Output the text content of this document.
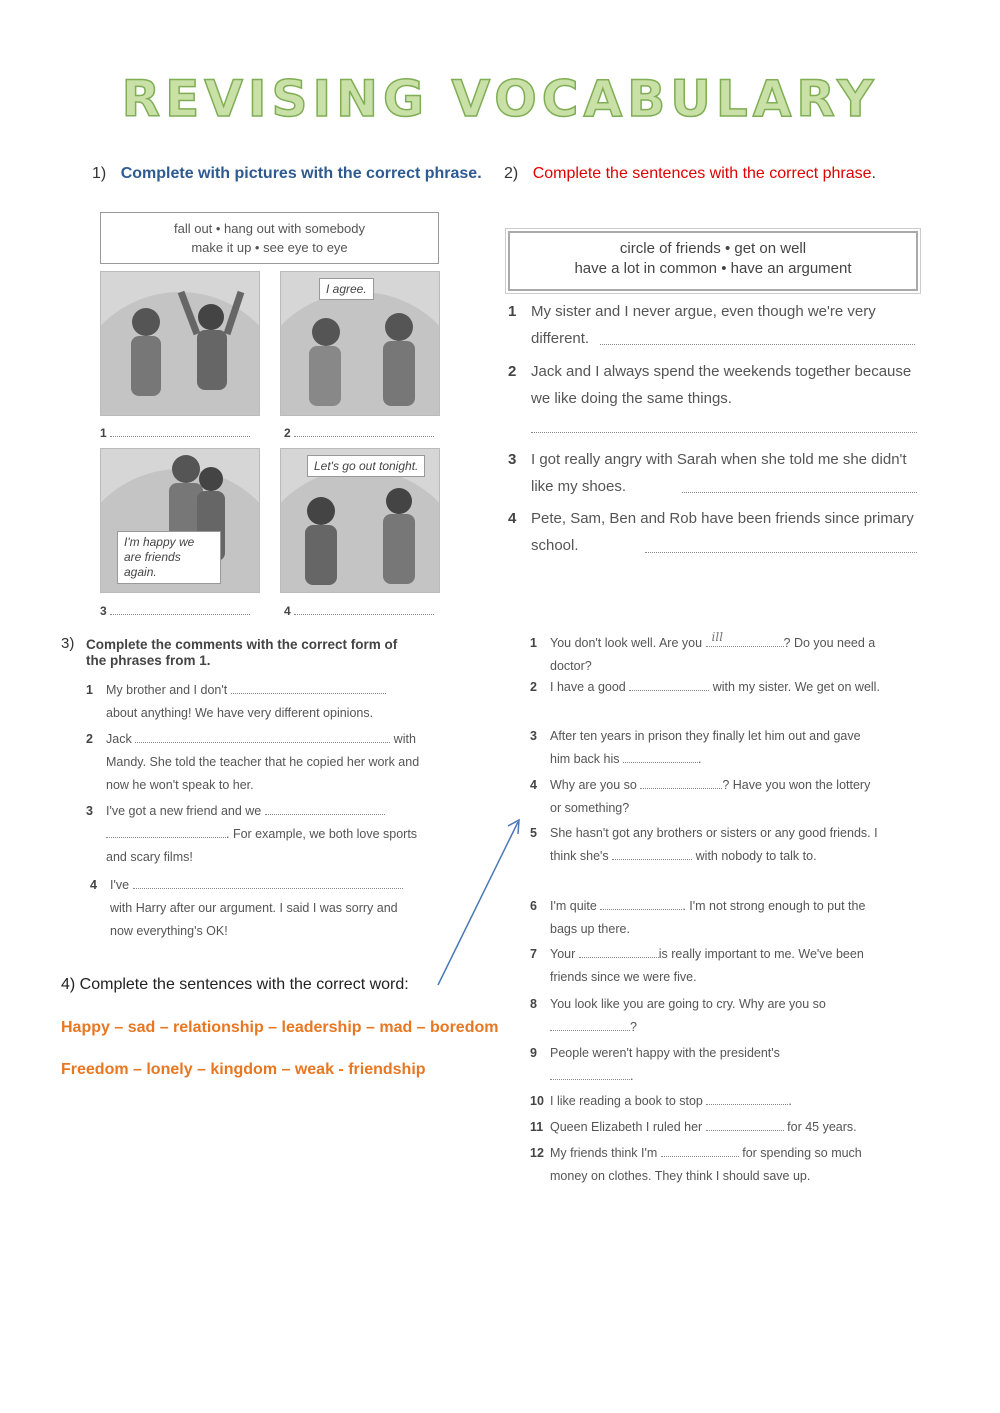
REVISING VOCABULARY
1) Complete with pictures with the correct phrase. 2) Complete the sentences with the correct phrase.
fall out • hang out with somebody
make it up • see eye to eye
I agree.
I'm happy we are friends again.
Let's go out tonight.
1	2
3	4
circle of friends • get on well
have a lot in common • have an argument
1 My sister and I never argue, even though we're very different.
2 Jack and I always spend the weekends together because we like doing the same things.
3 I got really angry with Sarah when she told me she didn't like my shoes.
4 Pete, Sam, Ben and Rob have been friends since primary school.
3) Complete the comments with the correct form of the phrases from 1.
1 My brother and I don't
about anything! We have very different opinions.
2 Jack	with
Mandy. She told the teacher that he copied her work and now he won't speak to her.
3 I've got a new friend and we
. For example, we both love sports and scary films!
4 I've
with Harry after our argument. I said I was sorry and now everything's OK!
4) Complete the sentences with the correct word:
Happy – sad – relationship – leadership – mad – boredom
Freedom – lonely – kingdom – weak - friendship
1 You don't look well. Are you ill	? Do you need a doctor?
2 I have a good	with my sister. We get on well.
3 After ten years in prison they finally let him out and gave him back his	.
4 Why are you so	? Have you won the lottery or something?
5 She hasn't got any brothers or sisters or any good friends. I think she's	with nobody to talk to.
6 I'm quite	. I'm not strong enough to put the bags up there.
7 Your	is really important to me. We've been friends since we were five.
8 You look like you are going to cry. Why are you so
?
9 People weren't happy with the president's
.
10 I like reading a book to stop	.
11 Queen Elizabeth I ruled her	for 45 years.
12 My friends think I'm	for spending so much money on clothes. They think I should save up.
